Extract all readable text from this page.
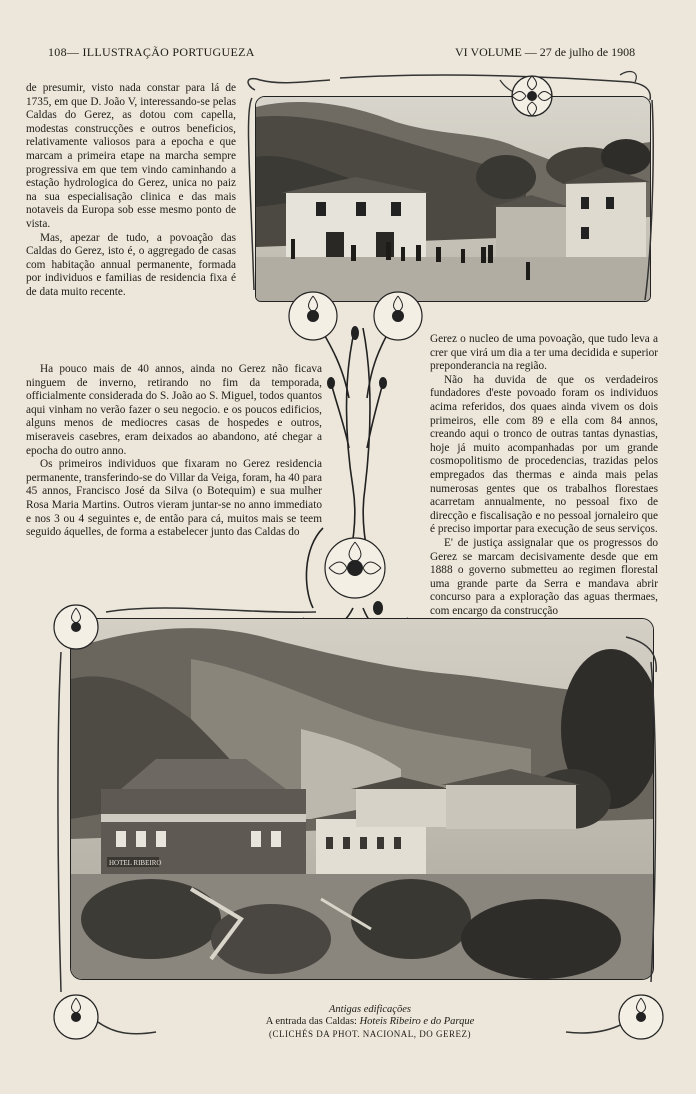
108— ILLUSTRAÇÃO PORTUGUEZA	VI VOLUME — 27 de julho de 1908

de presumir, visto nada constar para lá de 1735, em que D. João V, interessando-se pelas Caldas do Gerez, as dotou com capella, modestas construcções e outros beneficios, relativamente valiosos para a epocha e que marcam a primeira etape na marcha sempre progressiva em que tem vindo caminhando a estação hydrologica do Gerez, unica no paiz na sua especialisação clinica e das mais notaveis da Europa sob esse mesmo ponto de vista.

Mas, apezar de tudo, a povoação das Caldas do Gerez, isto é, o aggregado de casas com habitação annual permanente, formada por individuos e familias de residencia fixa é de data muito recente.

Ha pouco mais de 40 annos, ainda no Gerez não ficava ninguem de inverno, retirando no fim da temporada, officialmente considerada do S. João ao S. Miguel, todos quantos aqui vinham no verão fazer o seu negocio. e os poucos edificios, alguns menos de mediocres casas de hospedes e outros, miseraveis casebres, eram deixados ao abandono, até chegar a epocha do outro anno.

Os primeiros individuos que fixaram no Gerez residencia permanente, transferindo-se do Villar da Veiga, foram, ha 40 para 45 annos, Francisco José da Silva (o Botequim) e sua mulher Rosa Maria Martins. Outros vieram juntar-se no anno immediato e nos 3 ou 4 seguintes e, de então para cá, muitos mais se teem seguido áquelles, de forma a estabelecer junto das Caldas do

Gerez o nucleo de uma povoação, que tudo leva a crer que virá um dia a ter uma decidida e superior preponderancia na região.

Não ha duvida de que os verdadeiros fundadores d'este povoado foram os individuos acima referidos, dos quaes ainda vivem os dois primeiros, elle com 89 e ella com 84 annos, creando aqui o tronco de outras tantas dynastias, hoje já muito acompanhadas por um grande cosmopolitismo de procedencias, trazidas pelos empregados das thermas e ainda mais pelas numerosas gentes que os trabalhos florestaes acarretam annualmente, no pessoal fixo de direcção e fiscalisação e no pessoal jornaleiro que é preciso importar para execução de seus serviços.

E' de justiça assignalar que os progressos do Gerez se marcam decisivamente desde que em 1888 o governo submetteu ao regimen florestal uma grande parte da Serra e mandava abrir concurso para a exploração das aguas thermaes, com encargo da construcção

HOTEL RIBEIRO
Antigas edificações
A entrada das Caldas: Hoteis Ribeiro e do Parque
(CLICHÉS DA PHOT. NACIONAL, DO GEREZ)
